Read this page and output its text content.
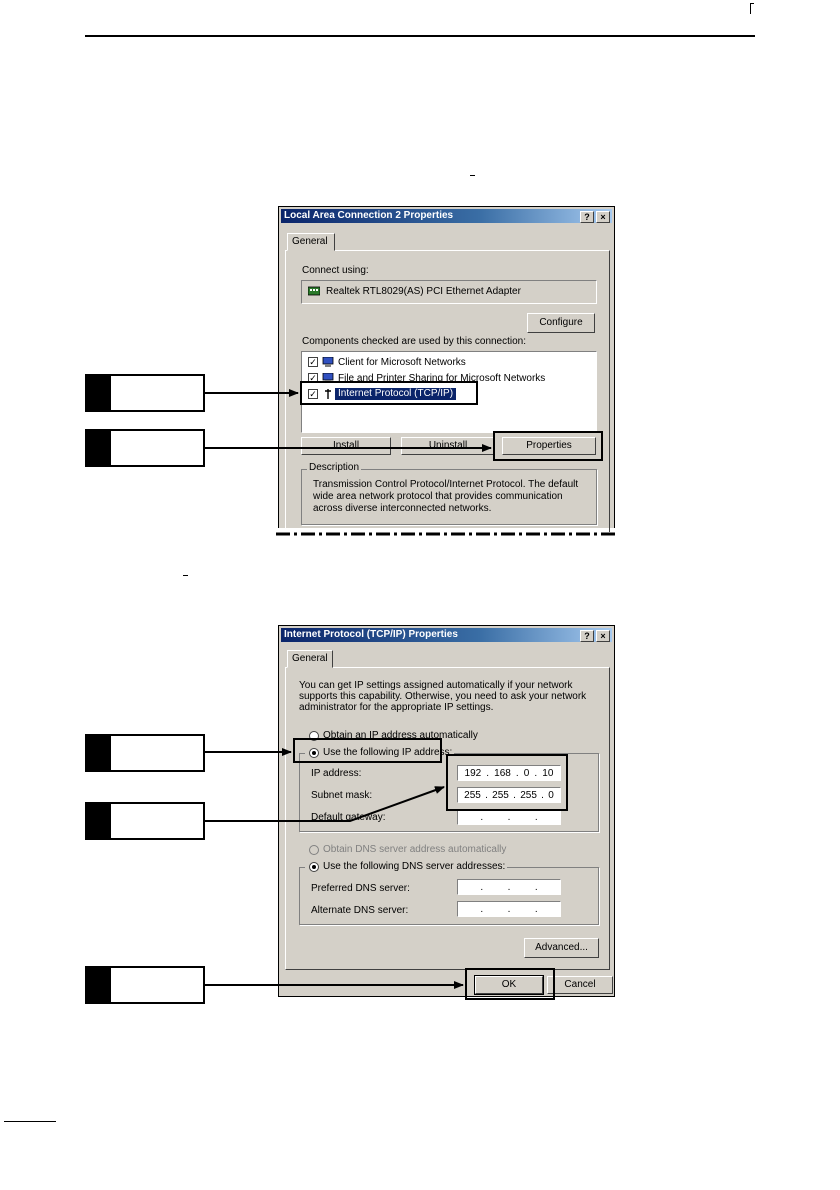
Local Area Connection 2 Properties	?	×
General
Connect using:
Realtek RTL8029(AS) PCI Ethernet Adapter
Configure
Components checked are used by this connection:
✓ Client for Microsoft Networks
✓ File and Printer Sharing for Microsoft Networks
✓	Internet Protocol (TCP/IP)
Install	Uninstall	Properties
Description
Transmission Control Protocol/Internet Protocol. The default wide area network protocol that provides communication across diverse interconnected networks.
Internet Protocol (TCP/IP) Properties	?	×
General
You can get IP settings assigned automatically if your network supports this capability. Otherwise, you need to ask your network administrator for the appropriate IP settings.
Obtain an IP address automatically
Use the following IP address:
IP address:	192 . 168 . 0 . 10
Subnet mask:	255 . 255 . 255 . 0
Default gateway:	. . .
Obtain DNS server address automatically
Use the following DNS server addresses:
Preferred DNS server:	. . .
Alternate DNS server:	. . .
Advanced...
OK	Cancel
